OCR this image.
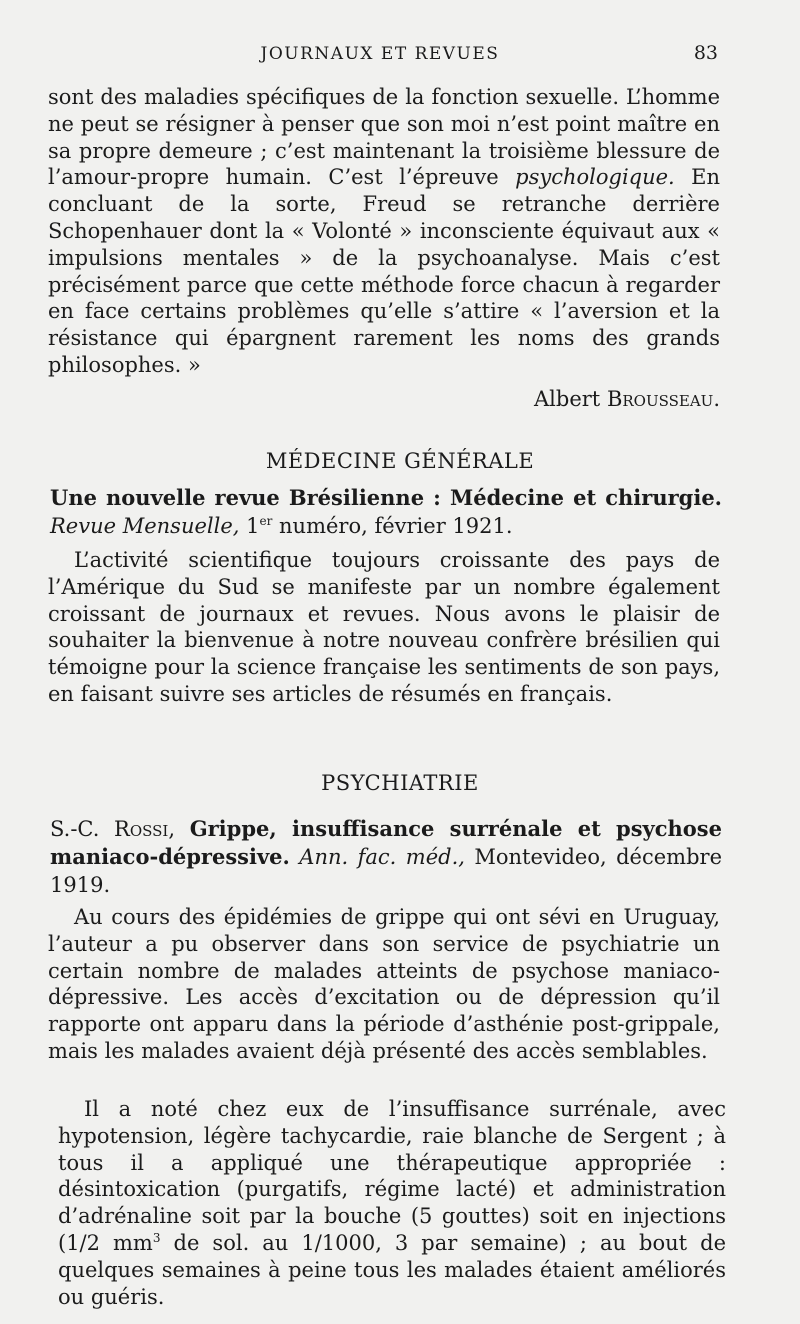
JOURNAUX ET REVUES	83
sont des maladies spécifiques de la fonction sexuelle. L’homme ne peut se résigner à penser que son moi n’est point maître en sa propre demeure ; c’est maintenant la troisième blessure de l’amour-propre humain. C’est l’épreuve psychologique. En concluant de la sorte, Freud se retranche derrière Schopenhauer dont la « Volonté » inconsciente équivaut aux « impulsions mentales » de la psychoanalyse. Mais c’est précisément parce que cette méthode force chacun à regarder en face certains problèmes qu’elle s’attire « l’aversion et la résistance qui épargnent rarement les noms des grands philosophes. »
Albert Brousseau.
MÉDECINE GÉNÉRALE
Une nouvelle revue Brésilienne : Médecine et chirurgie. Revue Mensuelle, 1er numéro, février 1921.
L’activité scientifique toujours croissante des pays de l’Amérique du Sud se manifeste par un nombre également croissant de journaux et revues. Nous avons le plaisir de souhaiter la bienvenue à notre nouveau confrère brésilien qui témoigne pour la science française les sentiments de son pays, en faisant suivre ses articles de résumés en français.
PSYCHIATRIE
S.-C. Rossi, Grippe, insuffisance surrénale et psychose maniaco-dépressive. Ann. fac. méd., Montevideo, décembre 1919.
Au cours des épidémies de grippe qui ont sévi en Uruguay, l’auteur a pu observer dans son service de psychiatrie un certain nombre de malades atteints de psychose maniaco-dépressive. Les accès d’excitation ou de dépression qu’il rapporte ont apparu dans la période d’asthénie post-grippale, mais les malades avaient déjà présenté des accès semblables.
Il a noté chez eux de l’insuffisance surrénale, avec hypotension, légère tachycardie, raie blanche de Sergent ; à tous il a appliqué une thérapeutique appropriée : désintoxication (purgatifs, régime lacté) et administration d’adrénaline soit par la bouche (5 gouttes) soit en injections (1/2 $mm^3$ de sol. au 1/1000, 3 par semaine) ; au bout de quelques semaines à peine tous les malades étaient améliorés ou guéris.
